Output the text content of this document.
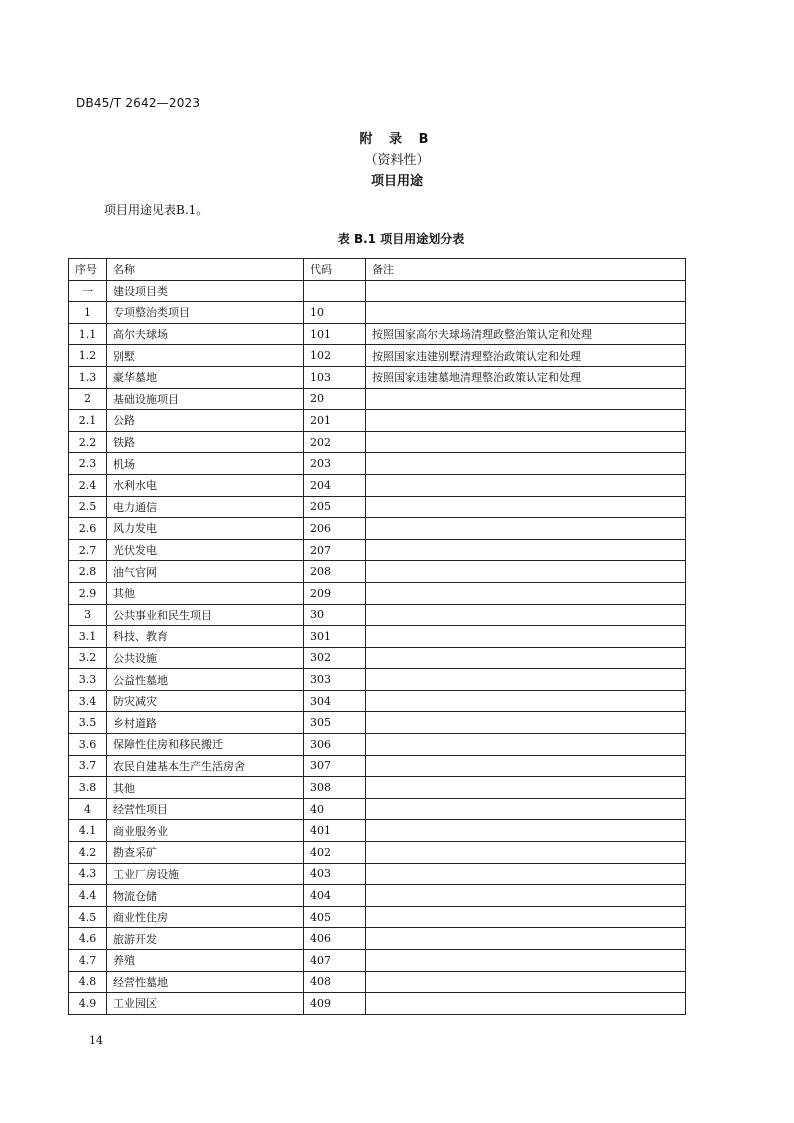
DB45/T 2642—2023
附 录 B
（资料性）
项目用途
项目用途见表B.1。
表 B.1 项目用途划分表
序号	名称	代码	备注
一	建设项目类		
1	专项整治类项目	10	
1.1	高尔夫球场	101	按照国家高尔夫球场清理政整治策认定和处理
1.2	别墅	102	按照国家违建别墅清理整治政策认定和处理
1.3	豪华墓地	103	按照国家违建墓地清理整治政策认定和处理
2	基础设施项目	20	
2.1	公路	201	
2.2	铁路	202	
2.3	机场	203	
2.4	水利水电	204	
2.5	电力通信	205	
2.6	风力发电	206	
2.7	光伏发电	207	
2.8	油气官网	208	
2.9	其他	209	
3	公共事业和民生项目	30	
3.1	科技、教育	301	
3.2	公共设施	302	
3.3	公益性墓地	303	
3.4	防灾减灾	304	
3.5	乡村道路	305	
3.6	保障性住房和移民搬迁	306	
3.7	农民自建基本生产生活房舍	307	
3.8	其他	308	
4	经营性项目	40	
4.1	商业服务业	401	
4.2	勘查采矿	402	
4.3	工业厂房设施	403	
4.4	物流仓储	404	
4.5	商业性住房	405	
4.6	旅游开发	406	
4.7	养殖	407	
4.8	经营性墓地	408	
4.9	工业园区	409	
14
